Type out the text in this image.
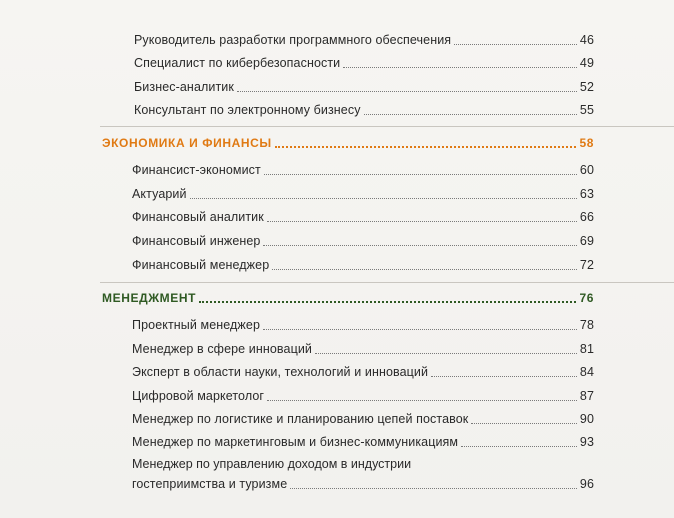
Руководитель разработки программного обеспечения	46
Специалист по кибербезопасности	49
Бизнес-аналитик	52
Консультант по электронному бизнесу	55
ЭКОНОМИКА И ФИНАНСЫ	58
Финансист-экономист	60
Актуарий	63
Финансовый аналитик	66
Финансовый инженер	69
Финансовый менеджер	72
МЕНЕДЖМЕНТ	76
Проектный менеджер	78
Менеджер в сфере инноваций	81
Эксперт в области науки, технологий и инноваций	84
Цифровой маркетолог	87
Менеджер по логистике и планированию цепей поставок	90
Менеджер по маркетинговым и бизнес-коммуникациям	93
Менеджер по управлению доходом в индустрии
гостеприимства и туризме	96
